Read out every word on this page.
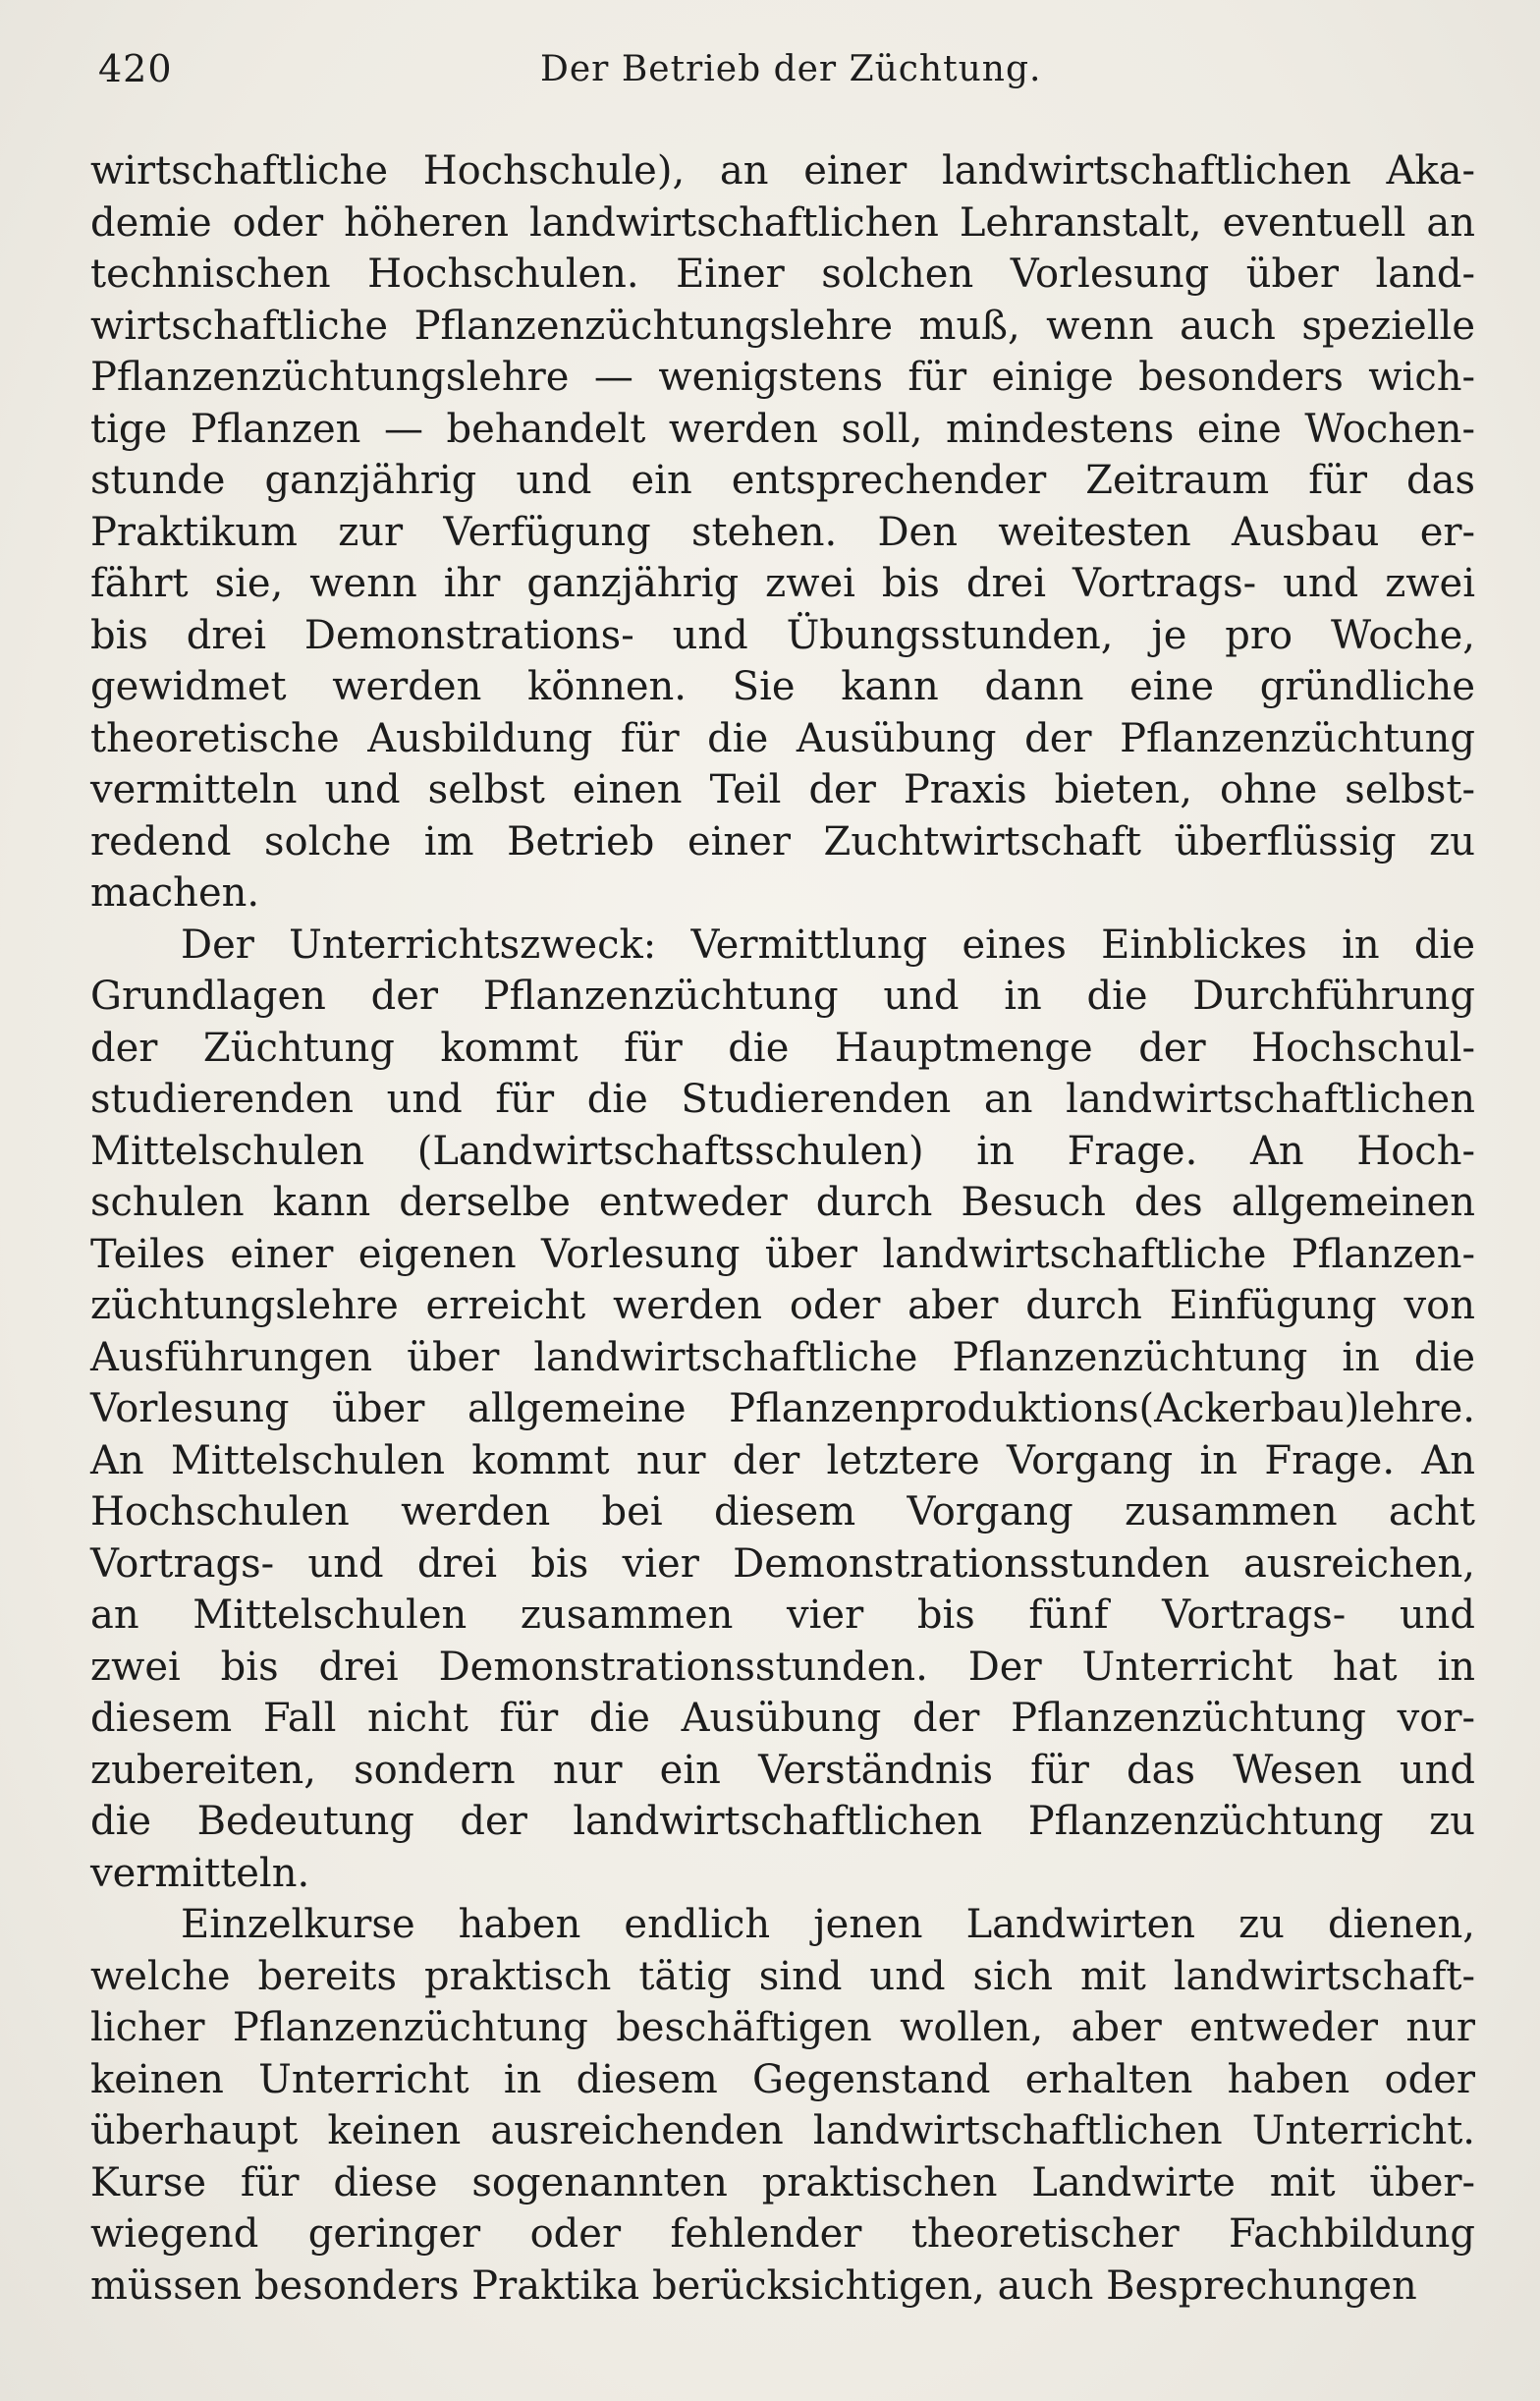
420	Der Betrieb der Züchtung.
wirtschaftliche Hochschule), an einer landwirtschaftlichen Aka-
demie oder höheren landwirtschaftlichen Lehranstalt, eventuell an
technischen Hochschulen. Einer solchen Vorlesung über land-
wirtschaftliche Pflanzenzüchtungslehre muß, wenn auch spezielle
Pflanzenzüchtungslehre — wenigstens für einige besonders wich-
tige Pflanzen — behandelt werden soll, mindestens eine Wochen-
stunde ganzjährig und ein entsprechender Zeitraum für das
Praktikum zur Verfügung stehen. Den weitesten Ausbau er-
fährt sie, wenn ihr ganzjährig zwei bis drei Vortrags- und zwei
bis drei Demonstrations- und Übungsstunden, je pro Woche,
gewidmet werden können. Sie kann dann eine gründliche
theoretische Ausbildung für die Ausübung der Pflanzenzüchtung
vermitteln und selbst einen Teil der Praxis bieten, ohne selbst-
redend solche im Betrieb einer Zuchtwirtschaft überflüssig zu
machen.
Der Unterrichtszweck: Vermittlung eines Einblickes in die
Grundlagen der Pflanzenzüchtung und in die Durchführung
der Züchtung kommt für die Hauptmenge der Hochschul-
studierenden und für die Studierenden an landwirtschaftlichen
Mittelschulen (Landwirtschaftsschulen) in Frage. An Hoch-
schulen kann derselbe entweder durch Besuch des allgemeinen
Teiles einer eigenen Vorlesung über landwirtschaftliche Pflanzen-
züchtungslehre erreicht werden oder aber durch Einfügung von
Ausführungen über landwirtschaftliche Pflanzenzüchtung in die
Vorlesung über allgemeine Pflanzenproduktions(Ackerbau)lehre.
An Mittelschulen kommt nur der letztere Vorgang in Frage. An
Hochschulen werden bei diesem Vorgang zusammen acht
Vortrags- und drei bis vier Demonstrationsstunden ausreichen,
an Mittelschulen zusammen vier bis fünf Vortrags- und
zwei bis drei Demonstrationsstunden. Der Unterricht hat in
diesem Fall nicht für die Ausübung der Pflanzenzüchtung vor-
zubereiten, sondern nur ein Verständnis für das Wesen und
die Bedeutung der landwirtschaftlichen Pflanzenzüchtung zu
vermitteln.
Einzelkurse haben endlich jenen Landwirten zu dienen,
welche bereits praktisch tätig sind und sich mit landwirtschaft-
licher Pflanzenzüchtung beschäftigen wollen, aber entweder nur
keinen Unterricht in diesem Gegenstand erhalten haben oder
überhaupt keinen ausreichenden landwirtschaftlichen Unterricht.
Kurse für diese sogenannten praktischen Landwirte mit über-
wiegend geringer oder fehlender theoretischer Fachbildung
müssen besonders Praktika berücksichtigen, auch Besprechungen
